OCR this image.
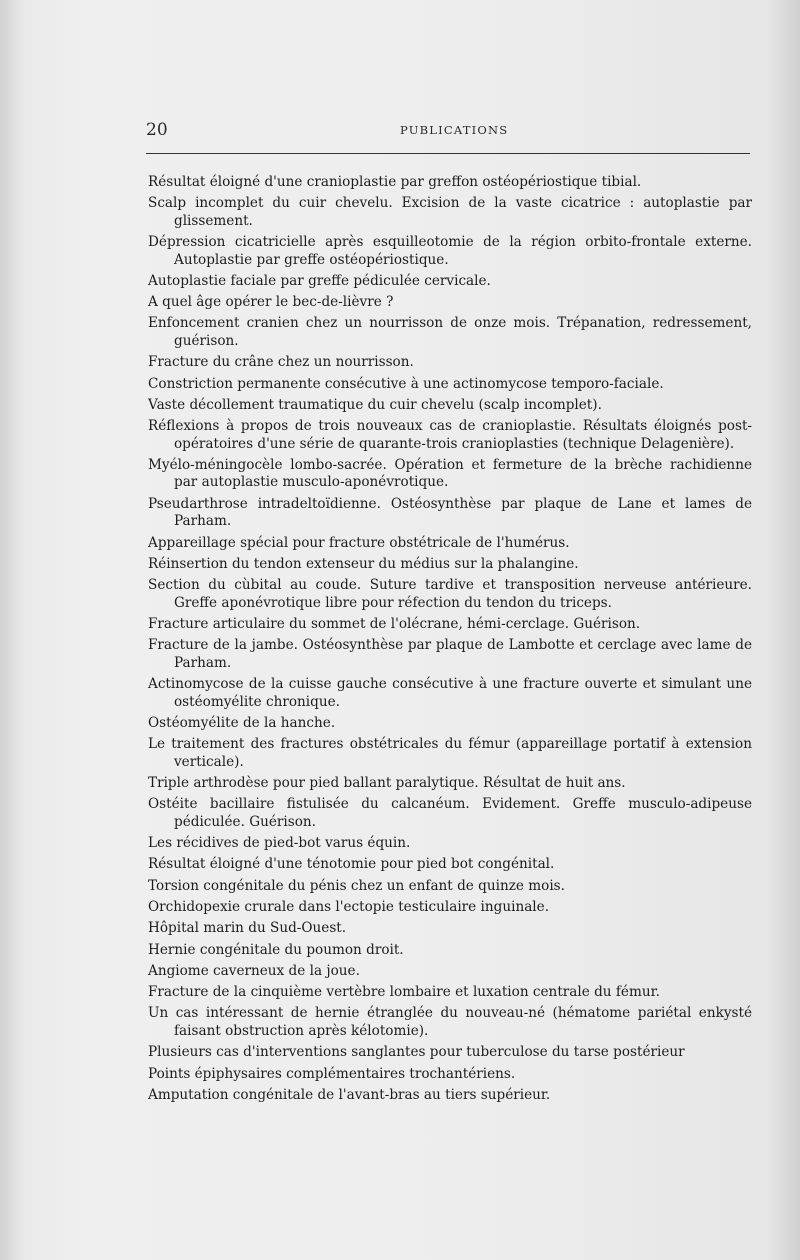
20	PUBLICATIONS
Résultat éloigné d'une cranioplastie par greffon ostéopériostique tibial.
Scalp incomplet du cuir chevelu. Excision de la vaste cicatrice : autoplastie par glissement.
Dépression cicatricielle après esquilleotomie de la région orbito-frontale externe. Autoplastie par greffe ostéopériostique.
Autoplastie faciale par greffe pédiculée cervicale.
A quel âge opérer le bec-de-lièvre ?
Enfoncement cranien chez un nourrisson de onze mois. Trépanation, redressement, guérison.
Fracture du crâne chez un nourrisson.
Constriction permanente consécutive à une actinomycose temporo-faciale.
Vaste décollement traumatique du cuir chevelu (scalp incomplet).
Réflexions à propos de trois nouveaux cas de cranioplastie. Résultats éloignés post-opératoires d'une série de quarante-trois cranioplasties (technique Delagenière).
Myélo-méningocèle lombo-sacrée. Opération et fermeture de la brèche rachidienne par autoplastie musculo-aponévrotique.
Pseudarthrose intradeltoïdienne. Ostéosynthèse par plaque de Lane et lames de Parham.
Appareillage spécial pour fracture obstétricale de l'humérus.
Réinsertion du tendon extenseur du médius sur la phalangine.
Section du cùbital au coude. Suture tardive et transposition nerveuse antérieure. Greffe aponévrotique libre pour réfection du tendon du triceps.
Fracture articulaire du sommet de l'olécrane, hémi-cerclage. Guérison.
Fracture de la jambe. Ostéosynthèse par plaque de Lambotte et cerclage avec lame de Parham.
Actinomycose de la cuisse gauche consécutive à une fracture ouverte et simulant une ostéomyélite chronique.
Ostéomyélite de la hanche.
Le traitement des fractures obstétricales du fémur (appareillage portatif à extension verticale).
Triple arthrodèse pour pied ballant paralytique. Résultat de huit ans.
Ostéite bacillaire fistulisée du calcanéum. Evidement. Greffe musculo-adipeuse pédiculée. Guérison.
Les récidives de pied-bot varus équin.
Résultat éloigné d'une ténotomie pour pied bot congénital.
Torsion congénitale du pénis chez un enfant de quinze mois.
Orchidopexie crurale dans l'ectopie testiculaire inguinale.
Hôpital marin du Sud-Ouest.
Hernie congénitale du poumon droit.
Angiome caverneux de la joue.
Fracture de la cinquième vertèbre lombaire et luxation centrale du fémur.
Un cas intéressant de hernie étranglée du nouveau-né (hématome pariétal enkysté faisant obstruction après kélotomie).
Plusieurs cas d'interventions sanglantes pour tuberculose du tarse postérieur
Points épiphysaires complémentaires trochantériens.
Amputation congénitale de l'avant-bras au tiers supérieur.
